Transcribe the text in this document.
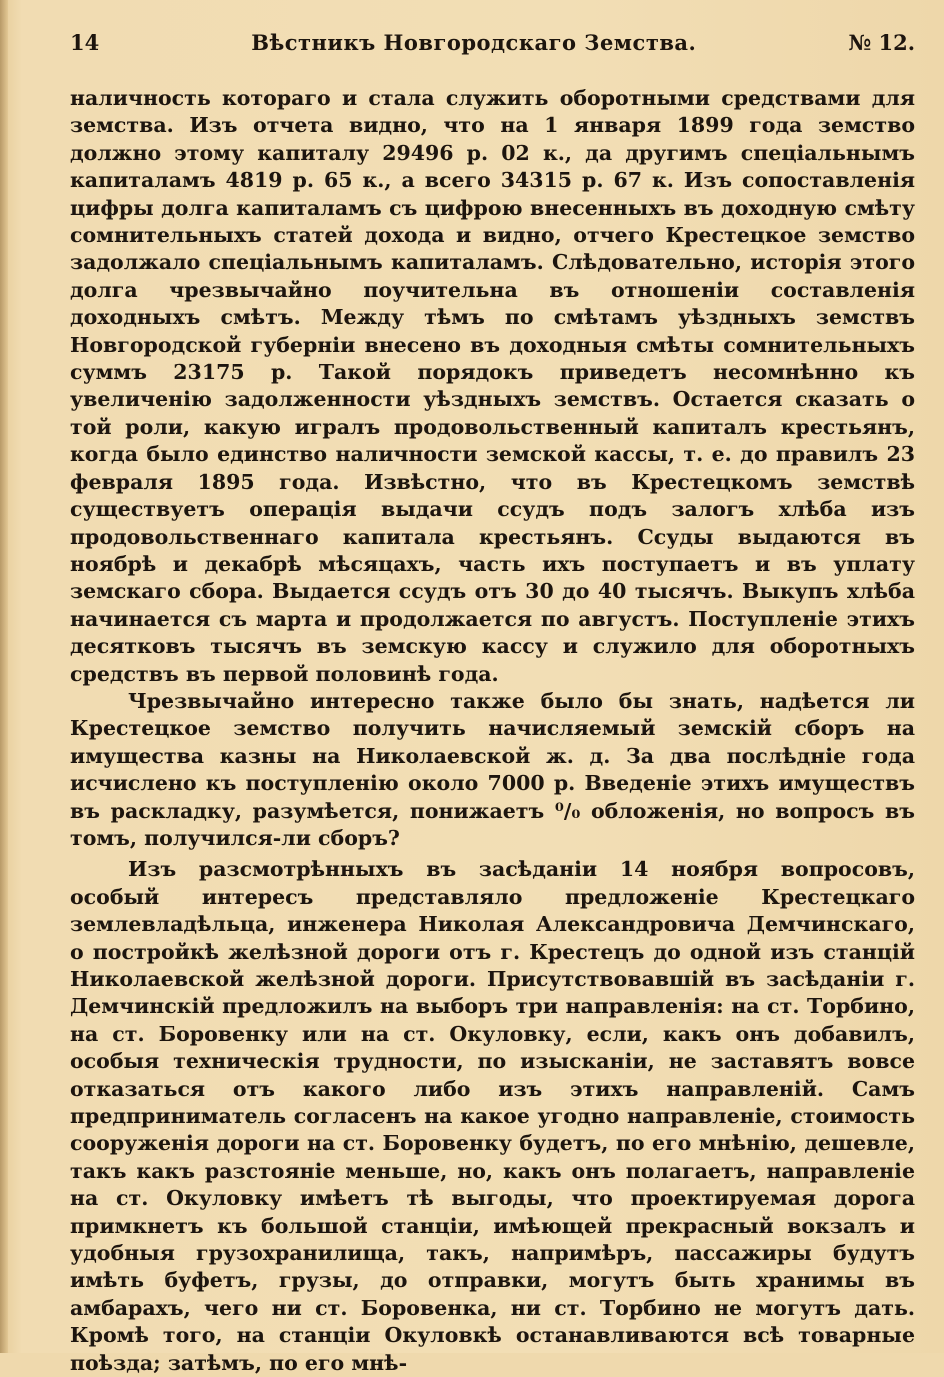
14	Вѣстникъ Новгородскаго Земства.	№ 12.

наличность котораго и стала служить оборотными средствами для земства. Изъ отчета видно, что на 1 января 1899 года земство должно этому капиталу 29496 р. 02 к., да другимъ спеціальнымъ капиталамъ 4819 р. 65 к., а всего 34315 р. 67 к. Изъ сопоставленія цифры долга капиталамъ съ цифрою внесенныхъ въ доходную смѣту сомнительныхъ статей дохода и видно, отчего Крестецкое земство задолжало спеціальнымъ капиталамъ. Слѣдовательно, исторія этого долга чрезвычайно поучительна въ отношеніи составленія доходныхъ смѣтъ. Между тѣмъ по смѣтамъ уѣздныхъ земствъ Новгородской губерніи внесено въ доходныя смѣты сомнительныхъ суммъ 23175 р. Такой порядокъ приведетъ несомнѣнно къ увеличенію задолженности уѣздныхъ земствъ. Остается сказать о той роли, какую игралъ продовольственный капиталъ крестьянъ, когда было единство наличности земской кассы, т. е. до правилъ 23 февраля 1895 года. Извѣстно, что въ Крестецкомъ земствѣ существуетъ операція выдачи ссудъ подъ залогъ хлѣба изъ продовольственнаго капитала крестьянъ. Ссуды выдаются въ ноябрѣ и декабрѣ мѣсяцахъ, часть ихъ поступаетъ и въ уплату земскаго сбора. Выдается ссудъ отъ 30 до 40 тысячъ. Выкупъ хлѣба начинается съ марта и продолжается по августъ. Поступленіе этихъ десятковъ тысячъ въ земскую кассу и служило для оборотныхъ средствъ въ первой половинѣ года.

Чрезвычайно интересно также было бы знать, надѣется ли Крестецкое земство получить начисляемый земскій сборъ на имущества казны на Николаевской ж. д. За два послѣдніе года исчислено къ поступленію около 7000 р. Введеніе этихъ имуществъ въ раскладку, разумѣется, понижаетъ ⁰/₀ обложенія, но вопросъ въ томъ, получился-ли сборъ?

Изъ разсмотрѣнныхъ въ засѣданіи 14 ноября вопросовъ, особый интересъ представляло предложеніе Крестецкаго землевладѣльца, инженера Николая Александровича Демчинскаго, о постройкѣ желѣзной дороги отъ г. Крестецъ до одной изъ станцій Николаевской желѣзной дороги. Присутствовавшій въ засѣданіи г. Демчинскій предложилъ на выборъ три направленія: на ст. Торбино, на ст. Боровенку или на ст. Окуловку, если, какъ онъ добавилъ, особыя техническія трудности, по изысканіи, не заставятъ вовсе отказаться отъ какого либо изъ этихъ направленій. Самъ предприниматель согласенъ на какое угодно направленіе, стоимость сооруженія дороги на ст. Боровенку будетъ, по его мнѣнію, дешевле, такъ какъ разстояніе меньше, но, какъ онъ полагаетъ, направленіе на ст. Окуловку имѣетъ тѣ выгоды, что проектируемая дорога примкнетъ къ большой станціи, имѣющей прекрасный вокзалъ и удобныя грузохранилища, такъ, напримѣръ, пассажиры будутъ имѣть буфетъ, грузы, до отправки, могутъ быть хранимы въ амбарахъ, чего ни ст. Боровенка, ни ст. Торбино не могутъ дать. Кромѣ того, на станціи Окуловкѣ останавливаются всѣ товарные поѣзда; затѣмъ, по его мнѣ-
